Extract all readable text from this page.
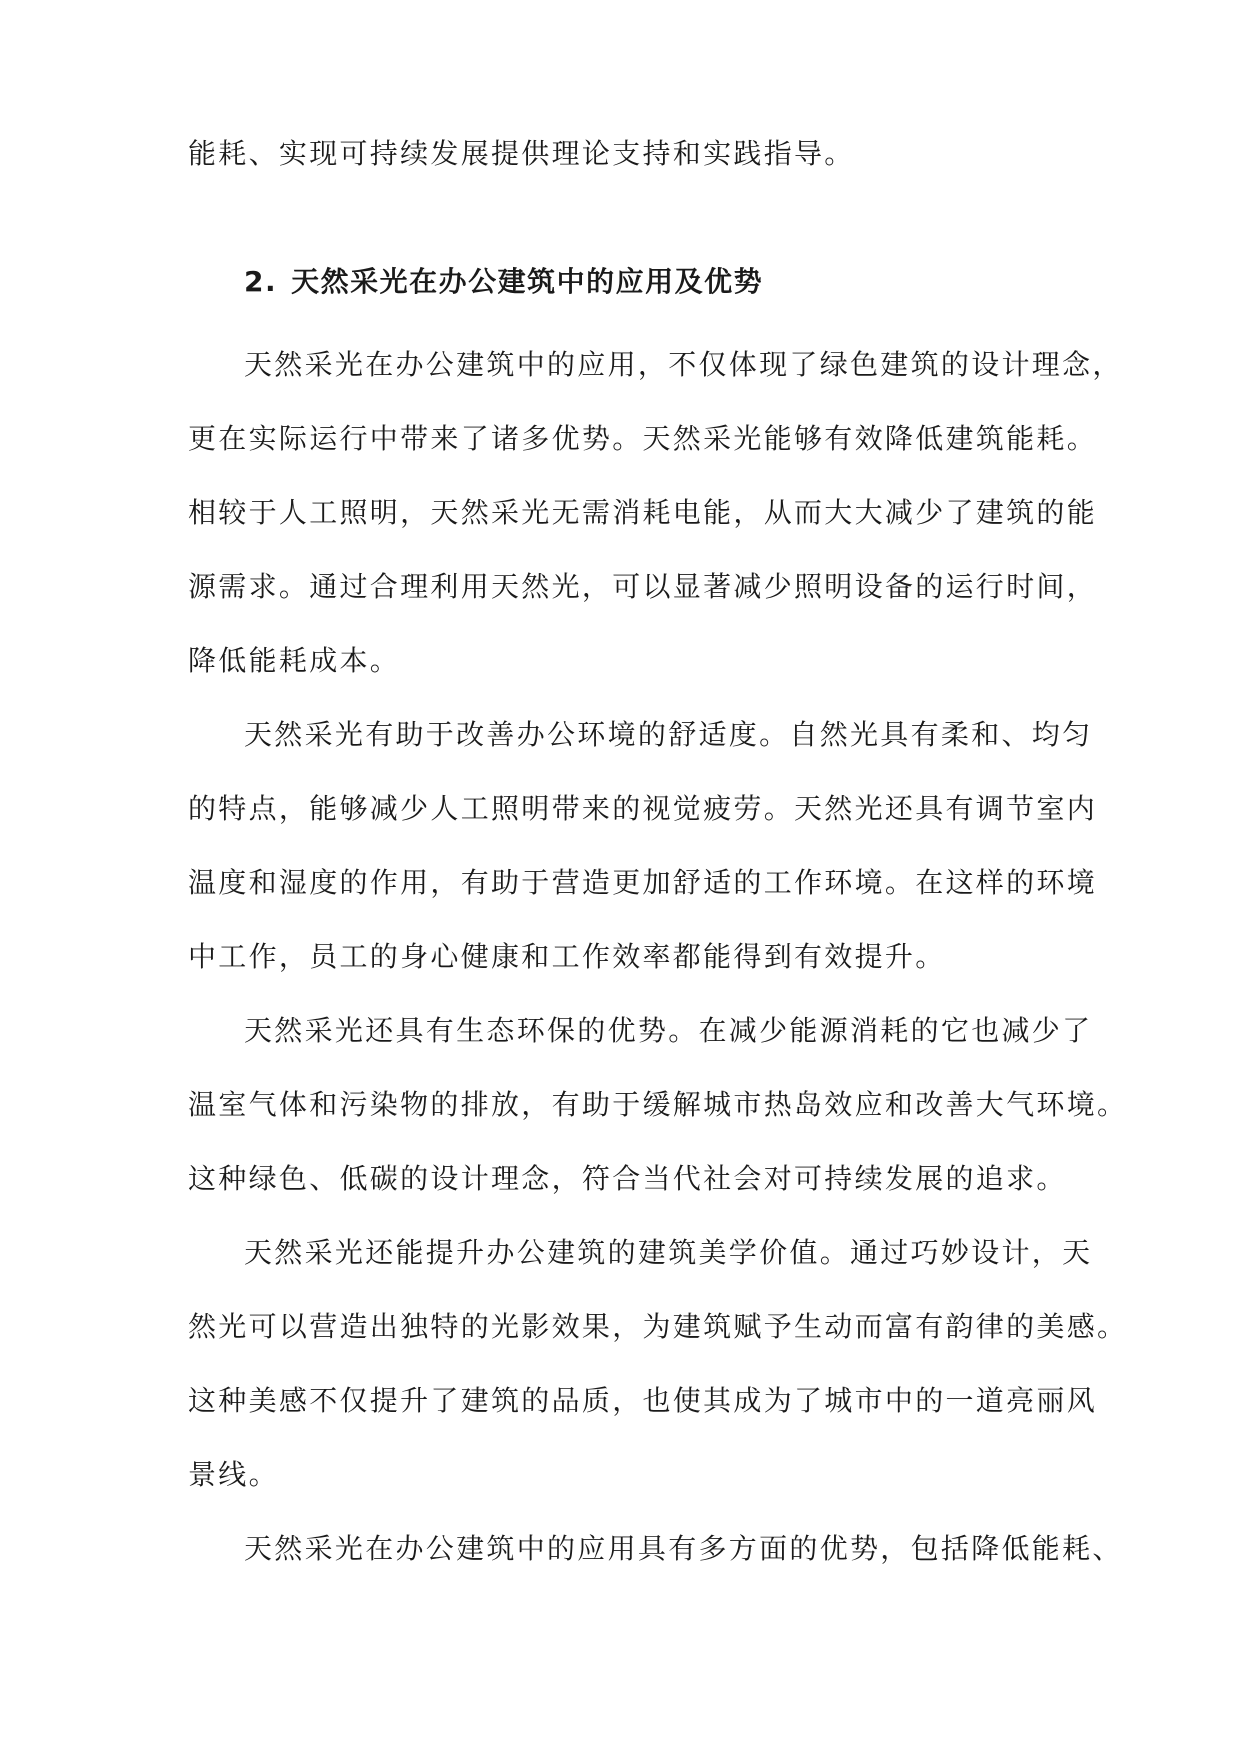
能耗、实现可持续发展提供理论支持和实践指导。
2. 天然采光在办公建筑中的应用及优势
天然采光在办公建筑中的应用，不仅体现了绿色建筑的设计理念，
更在实际运行中带来了诸多优势。天然采光能够有效降低建筑能耗。
相较于人工照明，天然采光无需消耗电能，从而大大减少了建筑的能
源需求。通过合理利用天然光，可以显著减少照明设备的运行时间，
降低能耗成本。
天然采光有助于改善办公环境的舒适度。自然光具有柔和、均匀
的特点，能够减少人工照明带来的视觉疲劳。天然光还具有调节室内
温度和湿度的作用，有助于营造更加舒适的工作环境。在这样的环境
中工作，员工的身心健康和工作效率都能得到有效提升。
天然采光还具有生态环保的优势。在减少能源消耗的它也减少了
温室气体和污染物的排放，有助于缓解城市热岛效应和改善大气环境。
这种绿色、低碳的设计理念，符合当代社会对可持续发展的追求。
天然采光还能提升办公建筑的建筑美学价值。通过巧妙设计，天
然光可以营造出独特的光影效果，为建筑赋予生动而富有韵律的美感。
这种美感不仅提升了建筑的品质，也使其成为了城市中的一道亮丽风
景线。
天然采光在办公建筑中的应用具有多方面的优势，包括降低能耗、
